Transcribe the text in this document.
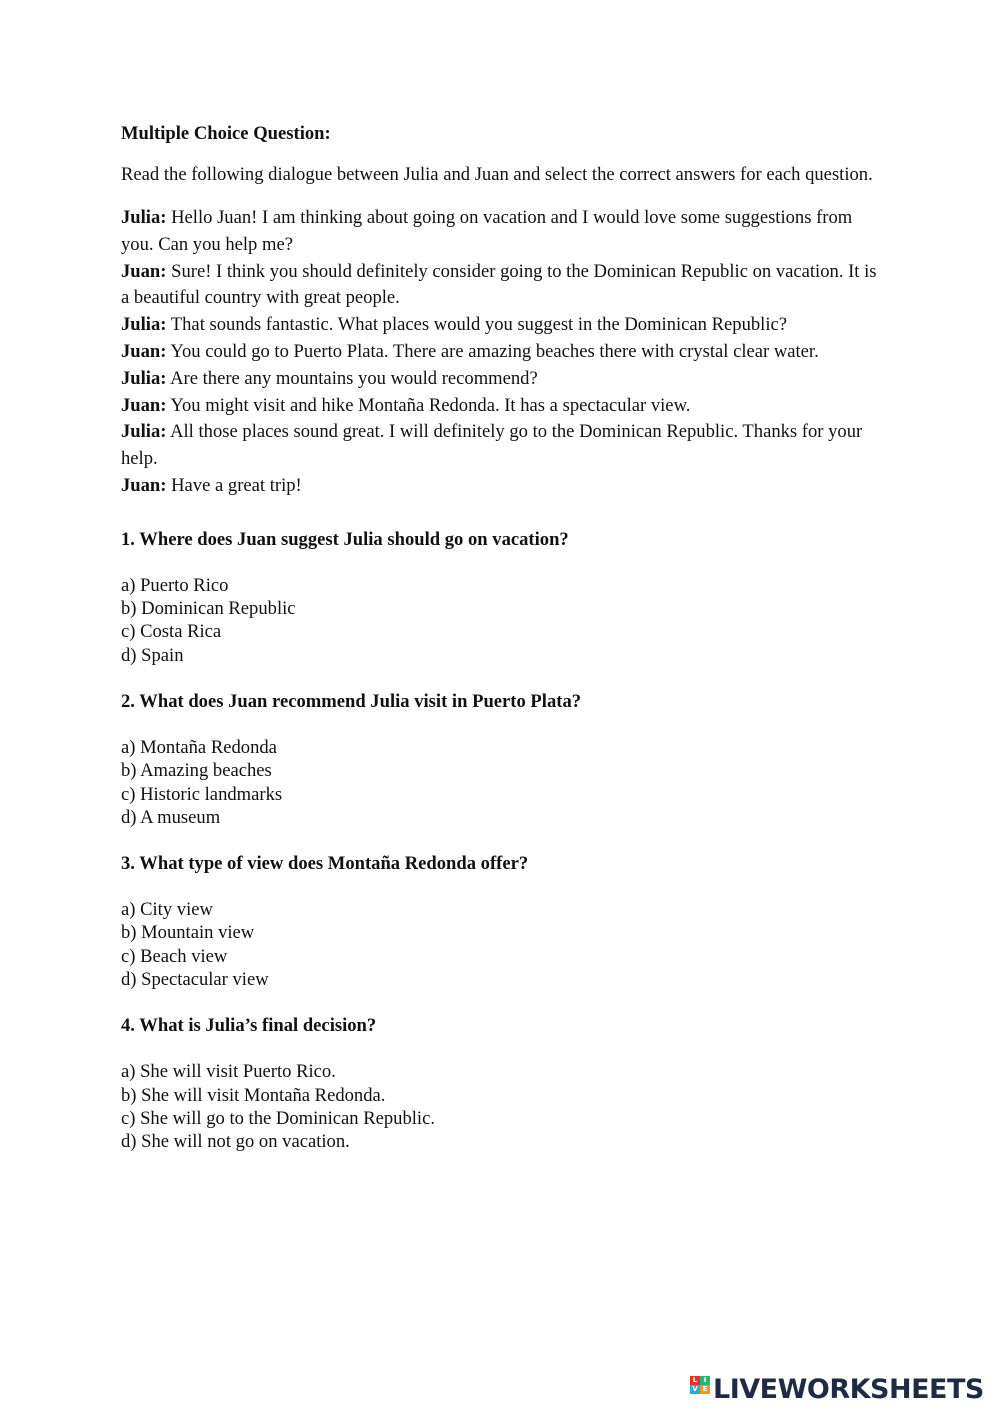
Multiple Choice Question:
Read the following dialogue between Julia and Juan and select the correct answers for each question.
Julia: Hello Juan! I am thinking about going on vacation and I would love some suggestions from you. Can you help me?
Juan: Sure! I think you should definitely consider going to the Dominican Republic on vacation. It is a beautiful country with great people.
Julia: That sounds fantastic. What places would you suggest in the Dominican Republic?
Juan: You could go to Puerto Plata. There are amazing beaches there with crystal clear water.
Julia: Are there any mountains you would recommend?
Juan: You might visit and hike Montaña Redonda. It has a spectacular view.
Julia: All those places sound great. I will definitely go to the Dominican Republic. Thanks for your help.
Juan: Have a great trip!
1. Where does Juan suggest Julia should go on vacation?
a) Puerto Rico
b) Dominican Republic
c) Costa Rica
d) Spain
2. What does Juan recommend Julia visit in Puerto Plata?
a) Montaña Redonda
b) Amazing beaches
c) Historic landmarks
d) A museum
3. What type of view does Montaña Redonda offer?
a) City view
b) Mountain view
c) Beach view
d) Spectacular view
4. What is Julia’s final decision?
a) She will visit Puerto Rico.
b) She will visit Montaña Redonda.
c) She will go to the Dominican Republic.
d) She will not go on vacation.
L I
V E LIVEWORKSHEETS
